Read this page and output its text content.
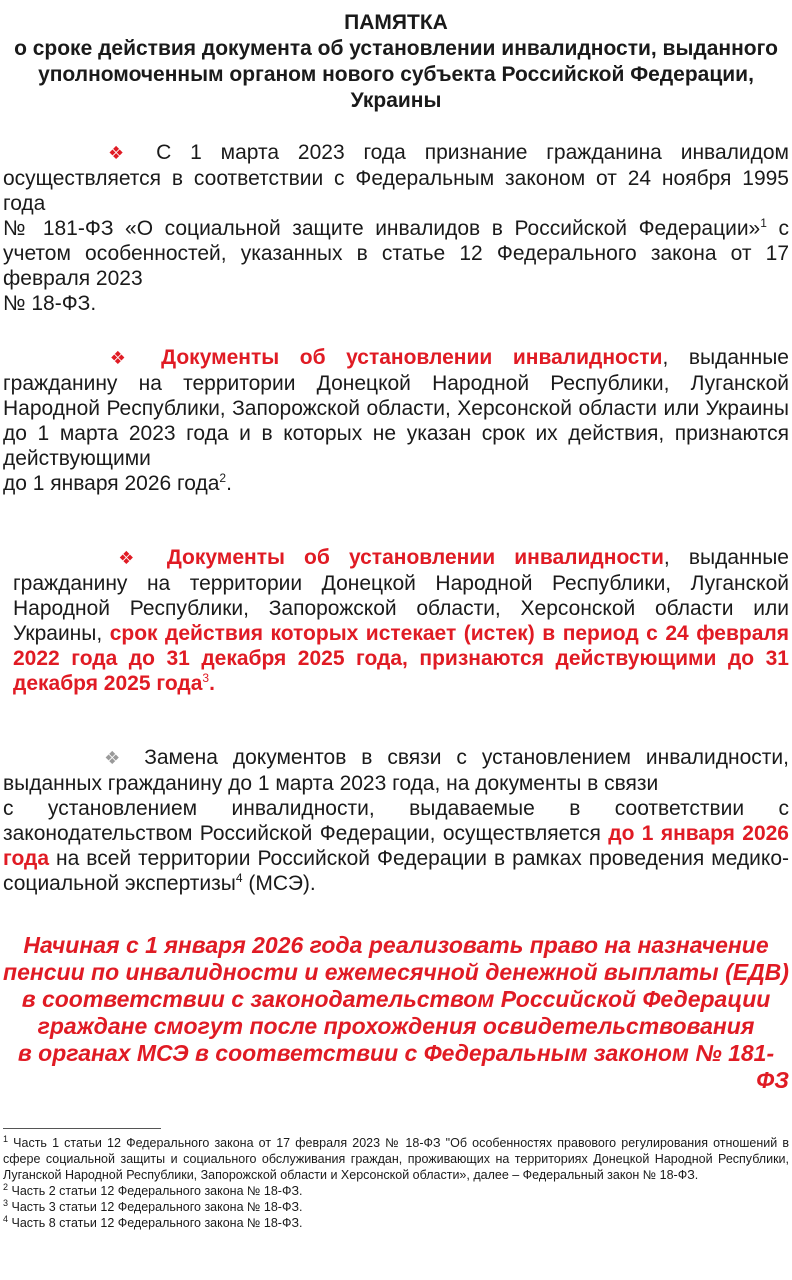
ПАМЯТКА
о сроке действия документа об установлении инвалидности, выданного
уполномоченным органом нового субъекта Российской Федерации,
Украины
❖ С 1 марта 2023 года признание гражданина инвалидом осуществляется в соответствии с Федеральным законом от 24 ноября 1995 года
№ 181-ФЗ «О социальной защите инвалидов в Российской Федерации»$^1$ с учетом особенностей, указанных в статье 12 Федерального закона от 17 февраля 2023
№ 18-ФЗ.
❖ Документы об установлении инвалидности, выданные гражданину на территории Донецкой Народной Республики, Луганской Народной Республики, Запорожской области, Херсонской области или Украины до 1 марта 2023 года и в которых не указан срок их действия, признаются действующими
до 1 января 2026 года$^2$.
❖ Документы об установлении инвалидности, выданные гражданину на территории Донецкой Народной Республики, Луганской Народной Республики, Запорожской области, Херсонской области или Украины, срок действия которых истекает (истек) в период с 24 февраля 2022 года до 31 декабря 2025 года, признаются действующими до 31 декабря 2025 года$^3$.
❖ Замена документов в связи с установлением инвалидности, выданных гражданину до 1 марта 2023 года, на документы в связи
с установлением инвалидности, выдаваемые в соответствии с законодательством Российской Федерации, осуществляется до 1 января 2026 года на всей территории Российской Федерации в рамках проведения медико-социальной экспертизы$^4$ (МСЭ).
Начиная с 1 января 2026 года реализовать право на назначение пенсии по инвалидности и ежемесячной денежной выплаты (ЕДВ) в соответствии с законодательством Российской Федерации граждане смогут после прохождения освидетельствования
в органах МСЭ в соответствии с Федеральным законом № 181-
ФЗ
$^1$ Часть 1 статьи 12 Федерального закона от 17 февраля 2023 № 18-ФЗ "Об особенностях правового регулирования отношений в сфере социальной защиты и социального обслуживания граждан, проживающих на территориях Донецкой Народной Республики, Луганской Народной Республики, Запорожской области и Херсонской области», далее – Федеральный закон № 18-ФЗ.
$^2$ Часть 2 статьи 12 Федерального закона № 18-ФЗ.
$^3$ Часть 3 статьи 12 Федерального закона № 18-ФЗ.
$^4$ Часть 8 статьи 12 Федерального закона № 18-ФЗ.
